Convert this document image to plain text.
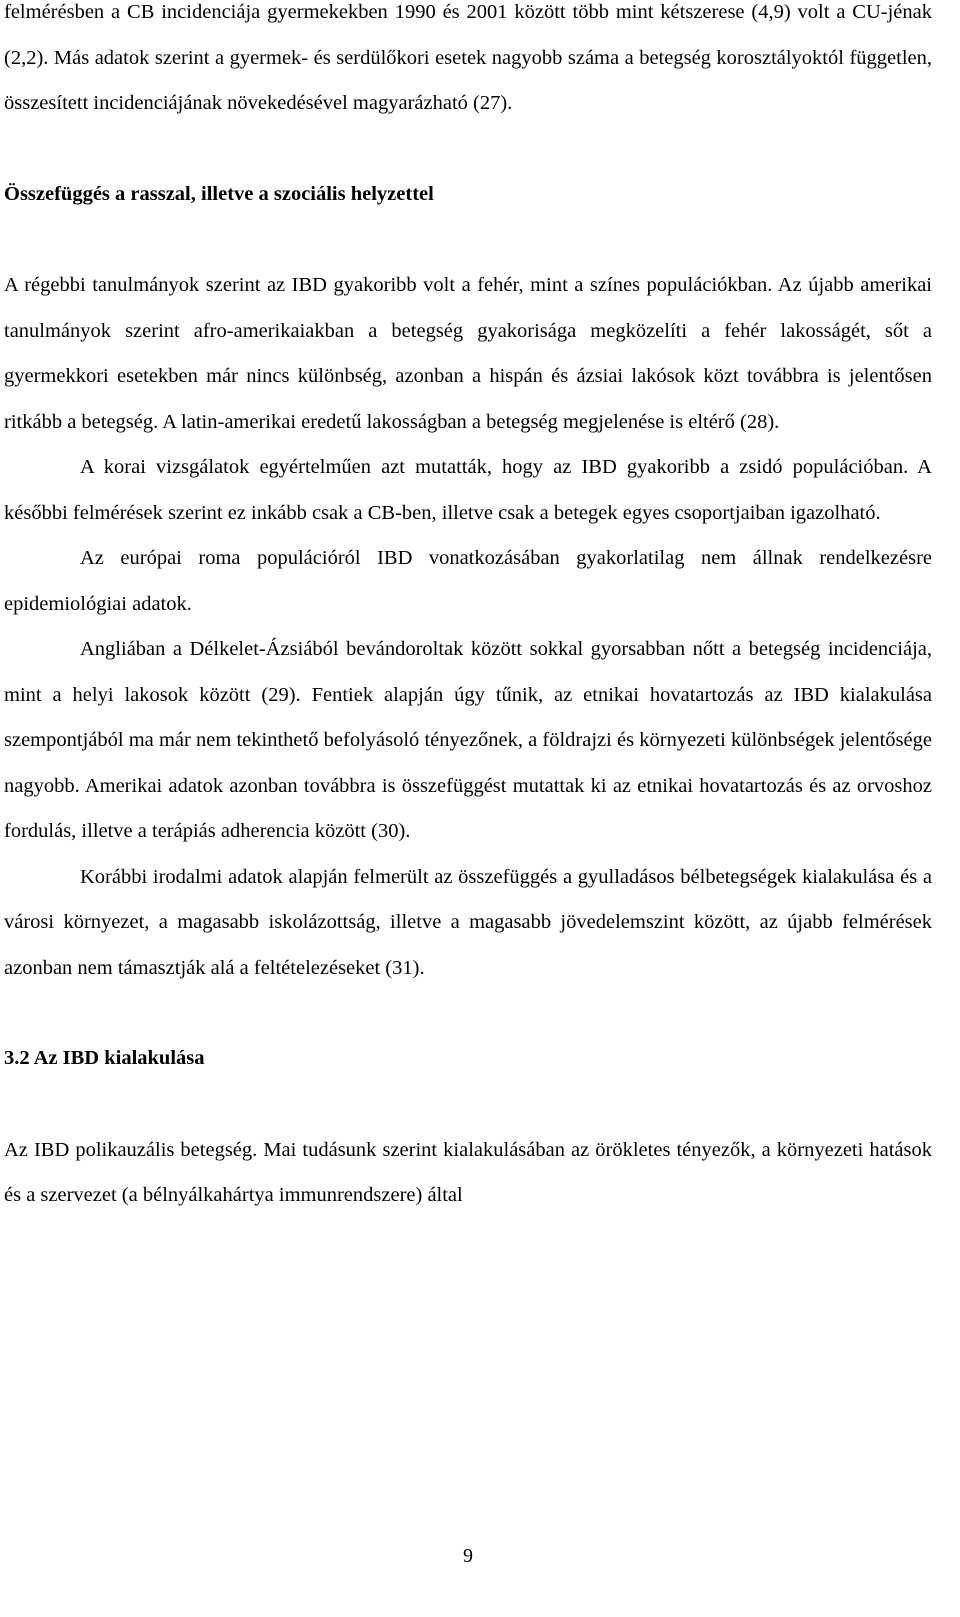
felmérésben a CB incidenciája gyermekekben 1990 és 2001 között több mint kétszerese (4,9) volt a CU-jénak (2,2). Más adatok szerint a gyermek- és serdülőkori esetek nagyobb száma a betegség korosztályoktól független, összesített incidenciájának növekedésével magyarázható (27).

Összefüggés a rasszal, illetve a szociális helyzettel

A régebbi tanulmányok szerint az IBD gyakoribb volt a fehér, mint a színes populációkban. Az újabb amerikai tanulmányok szerint afro-amerikaiakban a betegség gyakorisága megközelíti a fehér lakosságét, sőt a gyermekkori esetekben már nincs különbség, azonban a hispán és ázsiai lakósok közt továbbra is jelentősen ritkább a betegség. A latin-amerikai eredetű lakosságban a betegség megjelenése is eltérő (28).

A korai vizsgálatok egyértelműen azt mutatták, hogy az IBD gyakoribb a zsidó populációban. A későbbi felmérések szerint ez inkább csak a CB-ben, illetve csak a betegek egyes csoportjaiban igazolható.

Az európai roma populációról IBD vonatkozásában gyakorlatilag nem állnak rendelkezésre epidemiológiai adatok.

Angliában a Délkelet-Ázsiából bevándoroltak között sokkal gyorsabban nőtt a betegség incidenciája, mint a helyi lakosok között (29). Fentiek alapján úgy tűnik, az etnikai hovatartozás az IBD kialakulása szempontjából ma már nem tekinthető befolyásoló tényezőnek, a földrajzi és környezeti különbségek jelentősége nagyobb. Amerikai adatok azonban továbbra is összefüggést mutattak ki az etnikai hovatartozás és az orvoshoz fordulás, illetve a terápiás adherencia között (30).

Korábbi irodalmi adatok alapján felmerült az összefüggés a gyulladásos bélbetegségek kialakulása és a városi környezet, a magasabb iskolázottság, illetve a magasabb jövedelemszint között, az újabb felmérések azonban nem támasztják alá a feltételezéseket (31).

3.2 Az IBD kialakulása

Az IBD polikauzális betegség. Mai tudásunk szerint kialakulásában az örökletes tényezők, a környezeti hatások és a szervezet (a bélnyálkahártya immunrendszere) által

9
